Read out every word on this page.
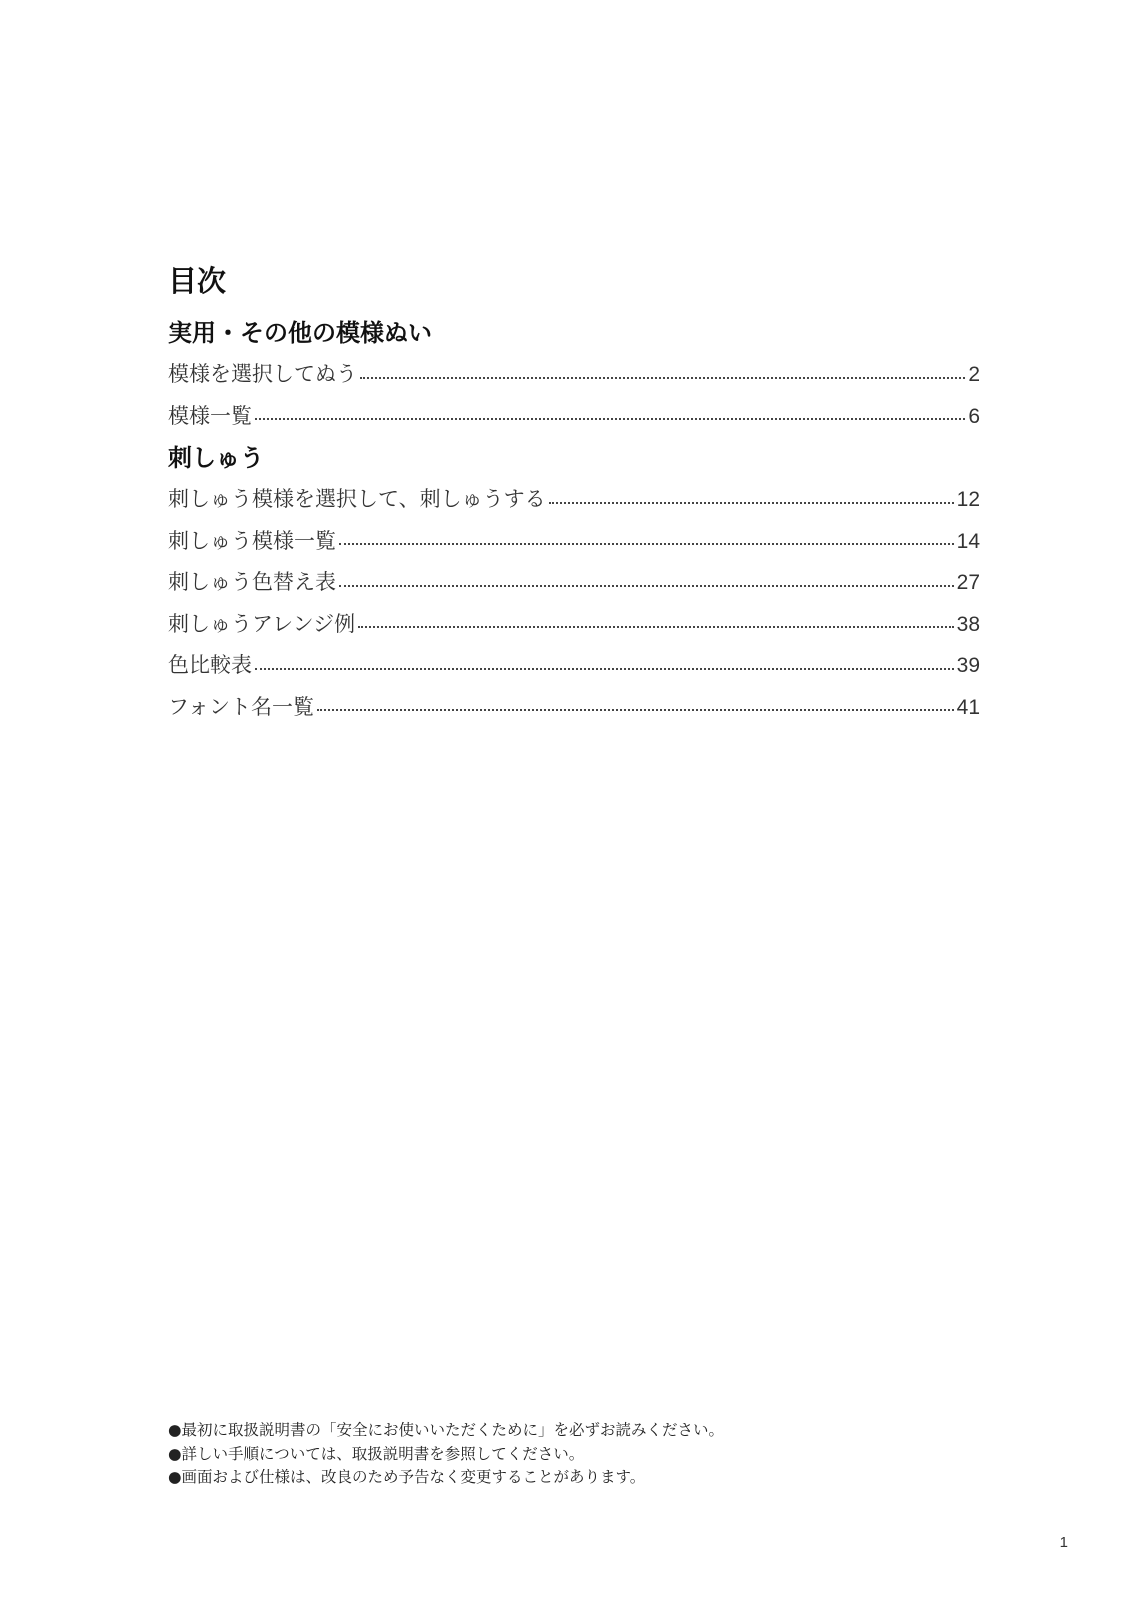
目次
実用・その他の模様ぬい
模様を選択してぬう	2
模様一覧	6
刺しゅう
刺しゅう模様を選択して、刺しゅうする	12
刺しゅう模様一覧	14
刺しゅう色替え表	27
刺しゅうアレンジ例	38
色比較表	39
フォント名一覧	41
●最初に取扱説明書の「安全にお使いいただくために」を必ずお読みください。
●詳しい手順については、取扱説明書を参照してください。
●画面および仕様は、改良のため予告なく変更することがあります。
1
